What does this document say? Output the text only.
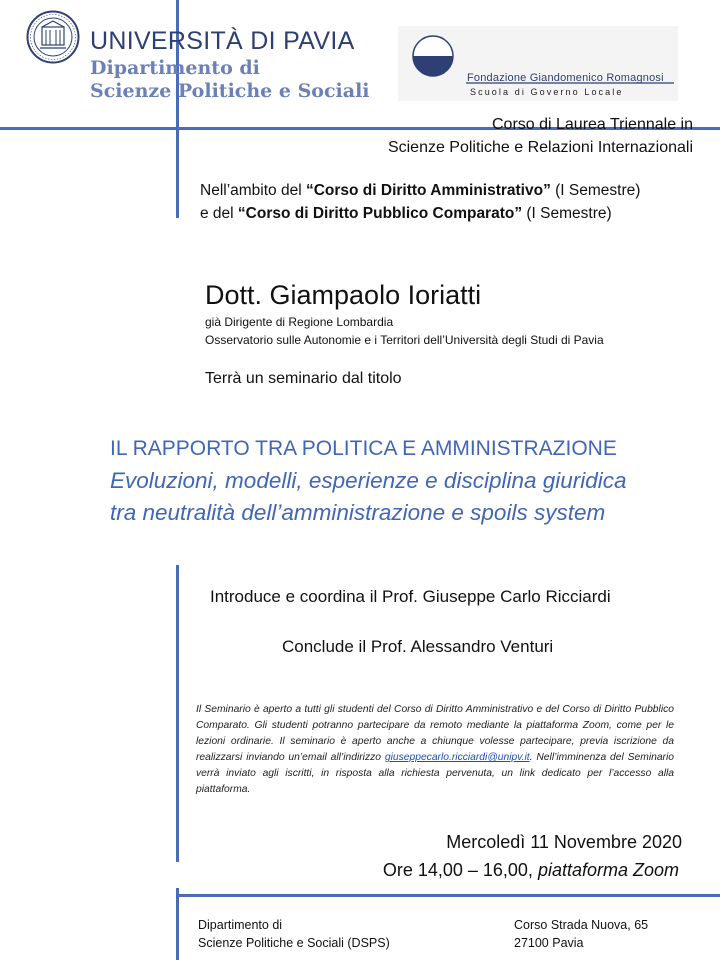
UNIVERSITÀ DI PAVIA
Dipartimento di
Scienze Politiche e Sociali
Fondazione Giandomenico Romagnosi
Scuola di Governo Locale
Corso di Laurea Triennale in
Scienze Politiche e Relazioni Internazionali
Nell’ambito del “Corso di Diritto Amministrativo” (I Semestre)
e del “Corso di Diritto Pubblico Comparato” (I Semestre)
Dott. Giampaolo Ioriatti
già Dirigente di Regione Lombardia
Osservatorio sulle Autonomie e i Territori dell’Università degli Studi di Pavia
Terrà un seminario dal titolo
IL RAPPORTO TRA POLITICA E AMMINISTRAZIONE
Evoluzioni, modelli, esperienze e disciplina giuridica
tra neutralità dell’amministrazione e spoils system
Introduce e coordina il Prof. Giuseppe Carlo Ricciardi
Conclude il Prof. Alessandro Venturi
Il Seminario è aperto a tutti gli studenti del Corso di Diritto Amministrativo e del Corso di Diritto Pubblico Comparato. Gli studenti potranno partecipare da remoto mediante la piattaforma Zoom, come per le lezioni ordinarie. Il seminario è aperto anche a chiunque volesse partecipare, previa iscrizione da realizzarsi inviando un’email all’indirizzo giuseppecarlo.ricciardi@unipv.it. Nell’imminenza del Seminario verrà inviato agli iscritti, in risposta alla richiesta pervenuta, un link dedicato per l’accesso alla piattaforma.
Mercoledì 11 Novembre 2020
Ore 14,00 – 16,00, piattaforma Zoom
Dipartimento di
Scienze Politiche e Sociali (DSPS)
Corso Strada Nuova, 65
27100 Pavia
